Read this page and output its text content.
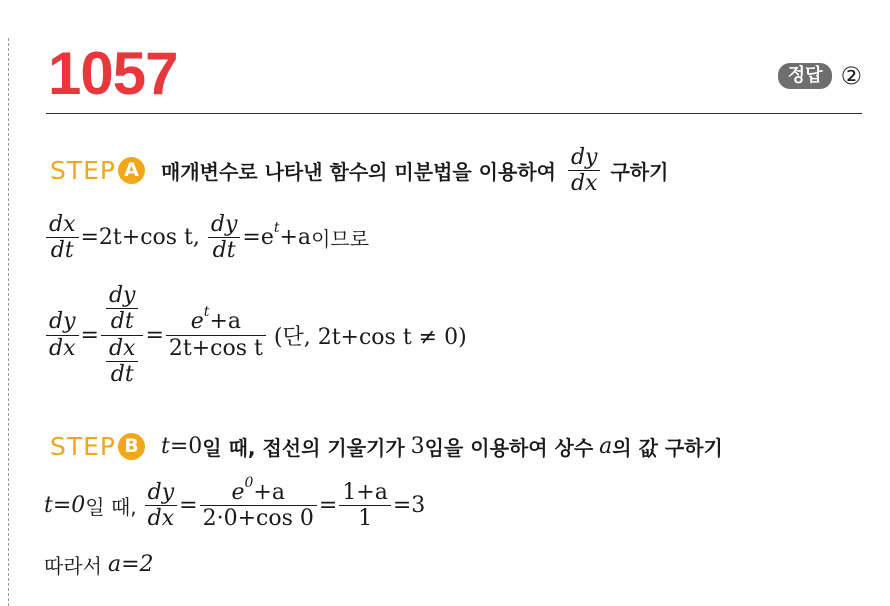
1057	정답 ②
STEP A	매개변수로 나타낸 함수의 미분법을 이용하여 $\frac{dy}{dx}$ 구하기
$\frac{dx}{dt} =2t+\cos$ t, $\frac{dy}{dt} =e$ t +a 이므로
$\frac{dy}{dx} = \frac{\frac{dy}{dt}}{\frac{dx}{dt}} = \frac{\text{e t +a}}{\text{2t+cos t}}$ (단, 2t+cos t ≠ 0)
STEP B t =0 일 때, 접선의 기울기가 3 임을 이용하여 상수 a 의 값 구하기
t=0 일 때, $\frac{dy}{dx} = \frac{e 0 +a}{2\cdot 0+\cos 0} = \frac{1+a}{1} =3$
따라서 a=2
